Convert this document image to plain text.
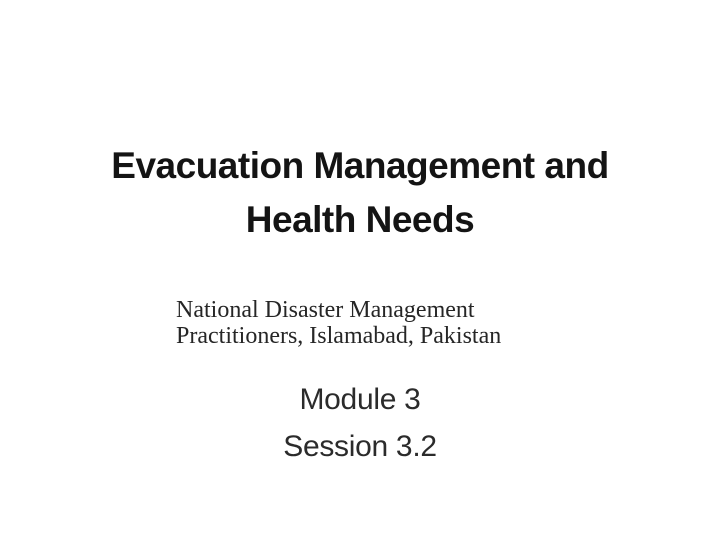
Evacuation Management and
Health Needs
National Disaster Management
Practitioners, Islamabad, Pakistan
Module 3
Session 3.2
